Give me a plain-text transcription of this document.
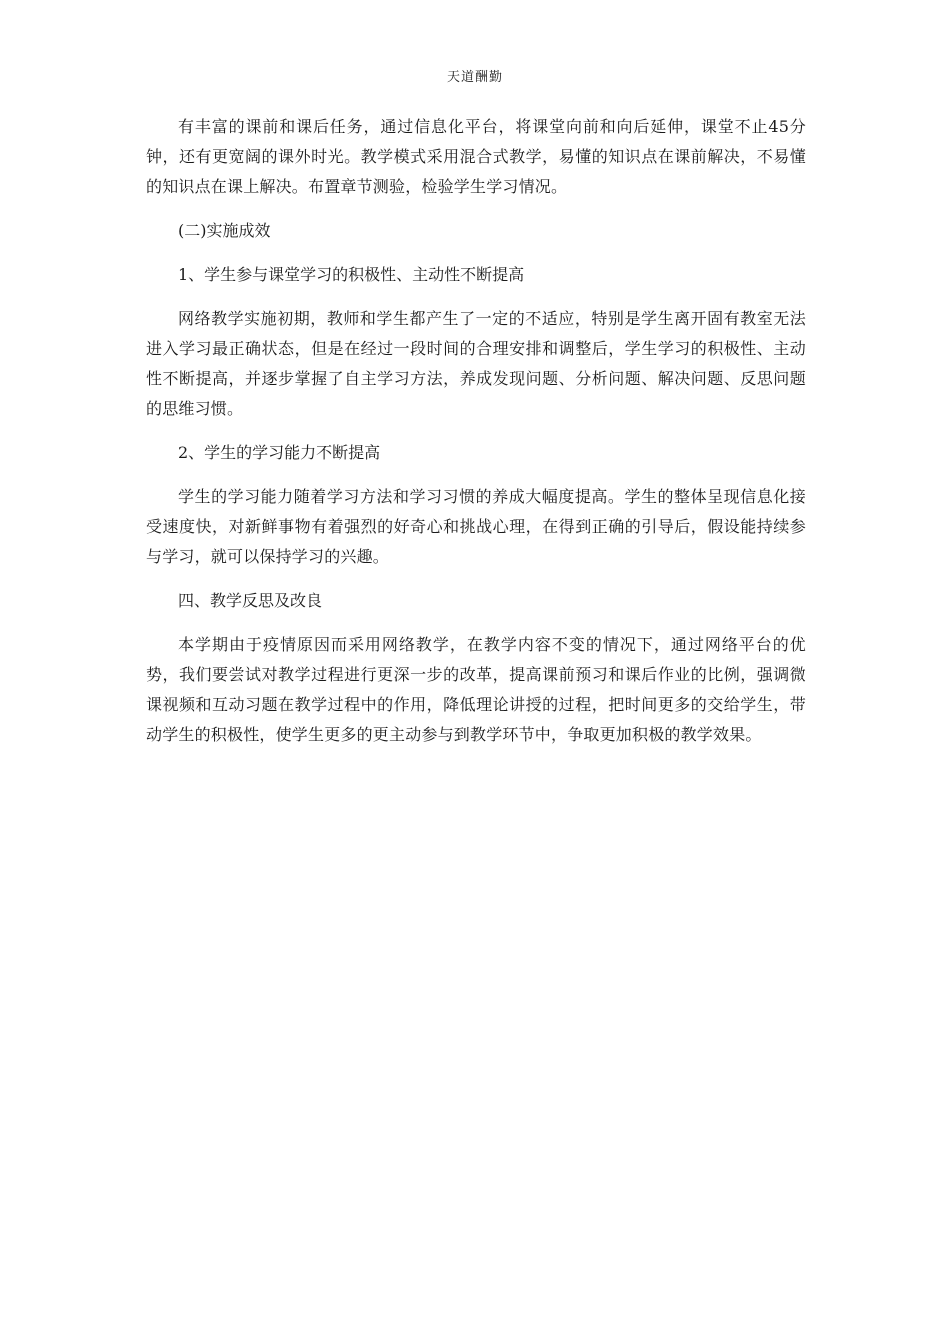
天道酬勤

有丰富的课前和课后任务，通过信息化平台，将课堂向前和向后延伸，课堂不止45分钟，还有更宽阔的课外时光。教学模式采用混合式教学，易懂的知识点在课前解决，不易懂的知识点在课上解决。布置章节测验，检验学生学习情况。

(二)实施成效

1、学生参与课堂学习的积极性、主动性不断提高

网络教学实施初期，教师和学生都产生了一定的不适应，特别是学生离开固有教室无法进入学习最正确状态，但是在经过一段时间的合理安排和调整后，学生学习的积极性、主动性不断提高，并逐步掌握了自主学习方法，养成发现问题、分析问题、解决问题、反思问题的思维习惯。

2、学生的学习能力不断提高

学生的学习能力随着学习方法和学习习惯的养成大幅度提高。学生的整体呈现信息化接受速度快，对新鲜事物有着强烈的好奇心和挑战心理，在得到正确的引导后，假设能持续参与学习，就可以保持学习的兴趣。

四、教学反思及改良

本学期由于疫情原因而采用网络教学，在教学内容不变的情况下，通过网络平台的优势，我们要尝试对教学过程进行更深一步的改革，提高课前预习和课后作业的比例，强调微课视频和互动习题在教学过程中的作用，降低理论讲授的过程，把时间更多的交给学生，带动学生的积极性，使学生更多的更主动参与到教学环节中，争取更加积极的教学效果。
